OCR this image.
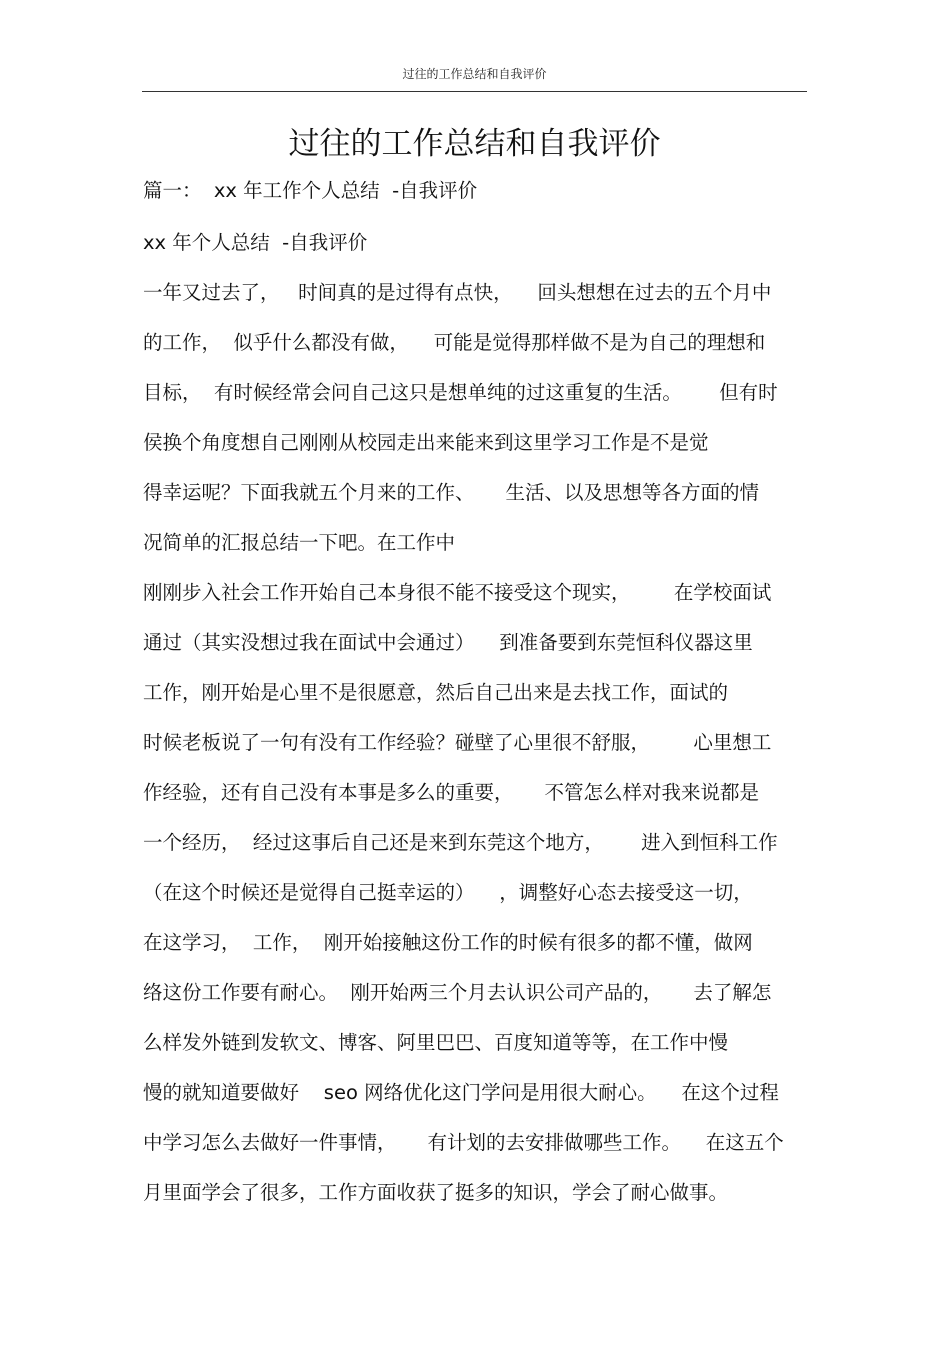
过往的工作总结和自我评价
过往的工作总结和自我评价
篇一：  xx 年工作个人总结  -自我评价
xx 年个人总结  -自我评价
一年又过去了，   时间真的是过得有点快，    回头想想在过去的五个月中
的工作，  似乎什么都没有做，    可能是觉得那样做不是为自己的理想和
目标，  有时候经常会问自己这只是想单纯的过这重复的生活。      但有时
侯换个角度想自己刚刚从校园走出来能来到这里学习工作是不是觉
得幸运呢？下面我就五个月来的工作、     生活、以及思想等各方面的情
况简单的汇报总结一下吧。在工作中
刚刚步入社会工作开始自己本身很不能不接受这个现实，       在学校面试
通过（其实没想过我在面试中会通过）    到准备要到东莞恒科仪器这里
工作，刚开始是心里不是很愿意，然后自己出来是去找工作，面试的
时候老板说了一句有没有工作经验？碰壁了心里很不舒服，       心里想工
作经验，还有自己没有本事是多么的重要，     不管怎么样对我来说都是
一个经历，  经过这事后自己还是来到东莞这个地方，      进入到恒科工作
（在这个时候还是觉得自己挺幸运的）    ，调整好心态去接受这一切，
在这学习，  工作，  刚开始接触这份工作的时候有很多的都不懂，做网
络这份工作要有耐心。  刚开始两三个月去认识公司产品的，     去了解怎
么样发外链到发软文、博客、阿里巴巴、百度知道等等，在工作中慢
慢的就知道要做好    seo 网络优化这门学问是用很大耐心。    在这个过程
中学习怎么去做好一件事情，     有计划的去安排做哪些工作。    在这五个
月里面学会了很多，工作方面收获了挺多的知识，学会了耐心做事。
